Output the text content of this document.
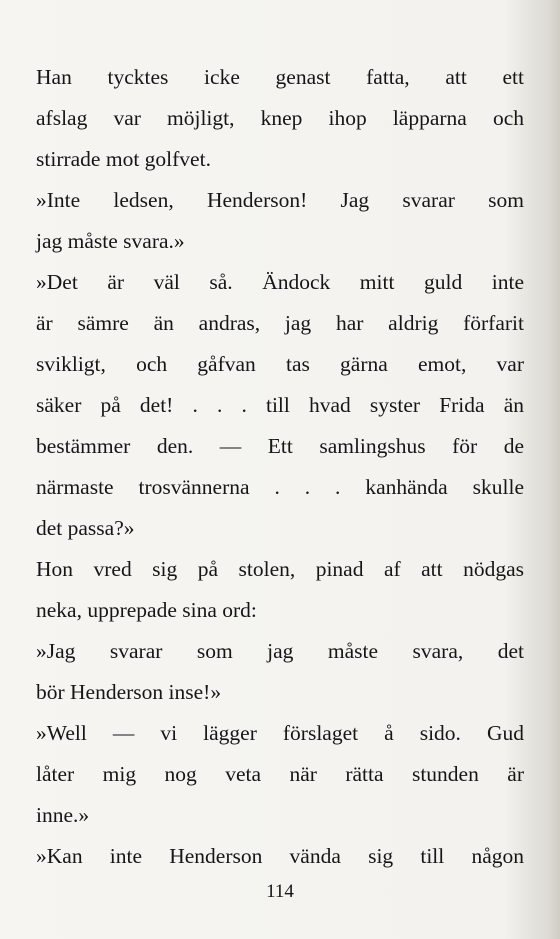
Han tycktes icke genast fatta, att ett
afslag var möjligt, knep ihop läpparna och
stirrade mot golfvet.
»Inte ledsen, Henderson! Jag svarar som
jag måste svara.»
»Det är väl så. Ändock mitt guld inte
är sämre än andras, jag har aldrig förfarit
svikligt, och gåfvan tas gärna emot, var
säker på det! . . . till hvad syster Frida än
bestämmer den. — Ett samlingshus för de
närmaste trosvännerna . . . kanhända skulle
det passa?»
Hon vred sig på stolen, pinad af att nödgas
neka, upprepade sina ord:
»Jag svarar som jag måste svara, det
bör Henderson inse!»
»Well — vi lägger förslaget å sido. Gud
låter mig nog veta när rätta stunden är
inne.»
»Kan inte Henderson vända sig till någon
114
